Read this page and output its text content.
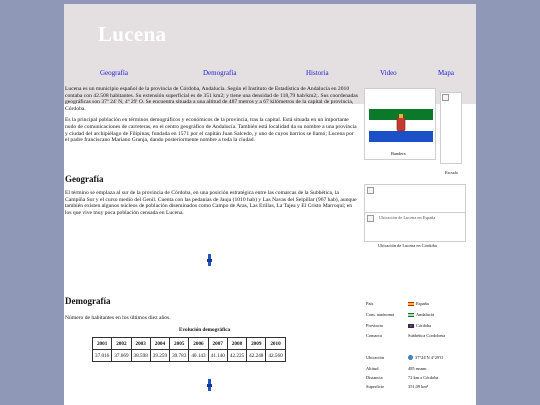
Lucena
Geografía	Demografía	Historia	Video	Mapa

Lucena es un municipio español de la provincia de Córdoba, Andalucía. Según el Instituto de Estadística de Andalucía en 2010 contaba con 42.508 habitantes. Su extensión superficial es de 351 km2; y tiene una densidad de 118,79 hab/km2;. Sus coordenadas geográficas son 37º 24' N, 4º 29' O. Se encuentra situada a una altitud de 487 metros y a 67 kilómetros de la capital de provincia, Córdoba.

Es la principal población en términos demográficos y económicos de la provincia, tras la capital. Está situada en un importante nudo de comunicaciones de carreteras, en el centro geográfico de Andalucía. También está localidad da su nombre a una provincia y ciudad del archipiélago de Filipinas, fundada en 1571 por el capitán Juan Salcedo, y uno de cuyos barrios se llamó; Lucena por el padre franciscano Mariano Granja, dando posteriormente nombre a toda la ciudad.

Geografía
El término se emplaza al sur de la provincia de Córdoba, en una posición estratégica entre las comarcas de la Subbética, la Campiña Sur y el curso medio del Genil. Cuenta con las pedanías de Jauja (1010 hab) y Las Navas del Selpillar (967 hab), aunque también existen algunos núcleos de población diseminados como Campo de Aras, Las Erillas, La Tajea y El Cristo Marroquí; en los que vive muy poca población censada en Lucena.
Demografía
Número de habitantes en los últimos diez años.
Evolución demográfica
2001	2002	2003	2004	2005	2006	2007	2008	2009	2010
37.016	37.669	38.598	39.259	39.783	40.143	41.140	42.225	42.248	42.560
Bandera
Escudo
Ubicación de Lucena en España
Ubicación de Lucena en Córdoba
País	España
Com. autónoma	Andalucía
Provincia	Córdoba
Comarca	Subbética Cordobesa
Ubicación	37°24′N 4°29′O
Altitud	485 msnm
Distancia	72 km a Córdoba
Superficie	351,09 km²
